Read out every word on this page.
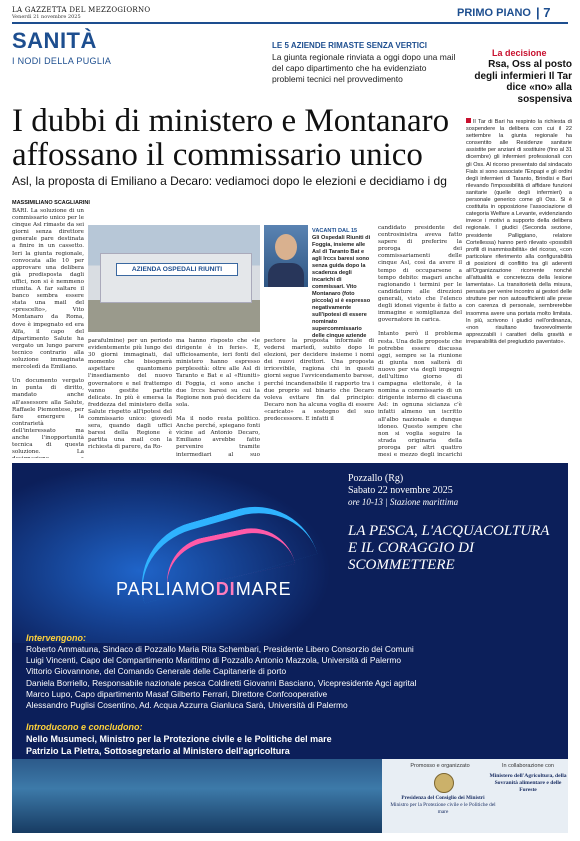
LA GAZZETTA DEL MEZZOGIORNO
Venerdì 21 novembre 2025	PRIMO PIANO | 7
SANITÀ
I NODI DELLA PUGLIA
LE 5 AZIENDE RIMASTE SENZA VERTICI
La giunta regionale rinviata a oggi dopo una mail del capo dipartimento che ha evidenziato problemi tecnici nel provvedimento
I dubbi di ministero e Montanaro affossano il commissario unico
Asl, la proposta di Emiliano a Decaro: vediamoci dopo le elezioni e decidiamo i dg
La decisione
Rsa, Oss al posto degli infermieri Il Tar dice «no» alla sospensiva
Il Tar di Bari ha respinto la richiesta di sospendere la delibera con cui il 22 settembre la giunta regionale ha consentito alle Residenze sanitarie assistite per anziani di sostituire (fino al 31 dicembre) gli infermieri professionali con gli Oss. Al ricorso presentato dal sindacato Fials si sono associate l'Enpapi e gli ordini degli infermieri di Taranto, Brindisi e Bari rilevando l'impossibilità di affidare funzioni sanitarie (quelle degli infermieri) a personale generico come gli Oss. Si è costituita in opposizione l'associazione di categoria Welfare a Levante, evidenziando invece i motivi a supporto della delibera regionale. I giudici (Seconda sezione, presidente Palliggiano, relatore Cortellessa) hanno però rilevato «possibili profili di inammissibilità» del ricorso, «con particolare riferimento alla configurabilità di posizioni di conflitto tra gli aderenti all'Organizzazione ricorrente nonché all'attualità e concretezza della lesione lamentata». La transitorietà della misura, pensata per venire incontro ai gestori delle strutture per non autosufficienti alle prese con carenza di personale, sembrerebbe insomma avere una portata molto limitata. In più, scrivono i giudici nell'ordinanza, «non risultano favorevolmente apprezzabili i caratteri della gravità e irreparabilità del pregiudizio paventato».
MASSIMILIANO SCAGLIARINI
BARI. La soluzione di un commissario unico per le cinque Asl rimaste da sei giorni senza direttore generale pare destinata a finire in un cassetto. Ieri la giunta regionale, convocata alle 10 per approvare una delibera già predisposta dagli uffici, non si è nemmeno riunita. A far saltare il banco sembra essere stata una mail del «prescelto», Vito Montanaro da Roma, dove è impegnato ed era Alfa, il capo del dipartimento Salute ha vergato un lungo parere tecnico contrario alla soluzione immaginata mercoledì da Emiliano.

Un documento vergato in punta di diritto, mandato anche all'assessore alla Salute, Raffaele Piemontese, per fare emergere la contrarietà dell'interessato ma anche l'inopportunità tecnica di questa soluzione. La
AZIENDA OSPEDALI RIUNITI
VACANTI DAL 15
Gli Ospedali Riuniti di Foggia, insieme alle Asl di Taranto Bat e agli Irccs baresi sono senza guida dopo la scadenza degli incarichi di commissari. Vito Montanaro (foto piccola) si è espresso negativamente sull'ipotesi di essere nominato supercommissario delle cinque aziende
parafulmine) per un periodo evidentemente più lungo dei 30 giorni immaginati, dal momento che bisognerà aspettare quantomeno l'insediamento del nuovo governatore e nel frattempo vanno gestite partite delicate. In più è emersa la freddezza del ministero della Salute rispetto all'ipotesi del commissario unico: giovedì sera, quando dagli uffici baresi della Regione è partita una mail con la richiesta di parere, da Ro-
ma hanno risposto che «le dirigente è in ferie». E, ufficiosamente, ieri fonti del ministero hanno espresso perplessità: oltre alle Asl di Taranto e Bat e al «Riuniti» di Foggia, ci sono anche i due Irccs baresi su cui la Regione non può decidere da sola.

Ma il nodo resta politico. Anche perché, spiegano fonti vicine ad Antonio Decaro, Emiliano avrebbe fatto pervenire tramite intermediari al suo
pectore la proposta informale di vedersi martedì, subito dopo le elezioni, per decidere insieme i nomi dei nuovi direttori. Una proposta irricevibile, ragiona chi in questi giorni segue l'avvicendamento barese, perché incandensibile il rapporto tra i due proprio sul binario che Decaro voleva evitare fin dal principio: Decaro non ha alcuna voglia di essere «caricato» a sostegno del suo predecessore. E infatti il
candidato presidente del centrosinistra aveva fatto sapere di preferire la proroga dei commissariamenti delle cinque Asl, così da avere il tempo di occuparsene a tempo debito: magari anche ragionando i termini per le candidature alle direzioni generali, visto che l'elenco degli idonei vigente è fatto a immagine e somiglianza del governatore in carica.

Intanto però il problema resta. Una delle proposte che potrebbe essere discussa oggi, sempre se la riunione di giunta non salterà di nuovo per via degli impegni dell'ultimo giorno di campagna elettorale, è la nomina a commissario di un dirigente interno di ciascuna Asl: in ognuna sicianza c'è infatti almeno un iscritto all'albo nazionale e dunque idoneo. Questo sempre che non si voglia seguire la strada originaria della proroga per altri quattro mesi e mezzo degli incarichi
PARLIAMODIMARE
Pozzallo (Rg)
Sabato 22 novembre 2025
ore 10-13 | Stazione marittima
LA PESCA, L'ACQUACOLTURA E IL CORAGGIO DI SCOMMETTERE
Intervengono:
Roberto Ammatuna, Sindaco di Pozzallo Maria Rita Schembari, Presidente Libero Consorzio dei Comuni
Luigi Vincenti, Capo del Compartimento Marittimo di Pozzallo Antonio Mazzola, Università di Palermo
Vittorio Giovannone, del Comando Generale delle Capitanerie di porto
Daniela Borriello, Responsabile nazionale pesca Coldiretti Giovanni Basciano, Vicepresidente Agci agrital
Introducono e concludono:
Promosso e organizzato	In collaborazione con
Ministero dell'Agricoltura, della Sovranità alimentare e delle Foreste
Presidenza del Consiglio dei Ministri
Ministro per la Protezione civile e le Politiche del mare
Marco Lupo, Capo dipartimento Masaf Gilberto Ferrari, Direttore Confcooperative
Alessandro Puglisi Cosentino, Ad. Acqua Azzurra Gianluca Sarà, Università di Palermo
Nello Musumeci, Ministro per la Protezione civile e le Politiche del mare
Patrizio La Pietra, Sottosegretario al Ministero dell'agricoltura
